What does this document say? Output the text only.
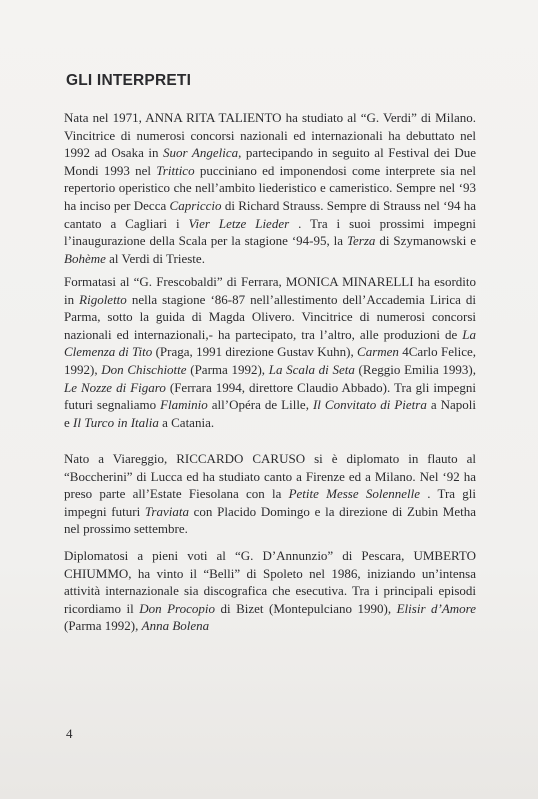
GLI INTERPRETI

Nata nel 1971, ANNA RITA TALIENTO ha studiato al “G. Verdi” di Milano. Vincitrice di numerosi concorsi nazionali ed internazionali ha debuttato nel 1992 ad Osaka in Suor Angelica, partecipando in seguito al Festival dei Due Mondi 1993 nel Trittico pucciniano ed imponendosi come interprete sia nel repertorio operistico che nell’ambito liederistico e cameristico. Sempre nel ‘93 ha inciso per Decca Capriccio di Richard Strauss. Sempre di Strauss nel ‘94 ha cantato a Cagliari i Vier Letze Lieder . Tra i suoi prossimi impegni l’inaugurazione della Scala per la stagione ‘94-95, la Terza di Szymanowski e Bohème al Verdi di Trieste.

Formatasi al “G. Frescobaldi” di Ferrara, MONICA MINARELLI ha esordito in Rigoletto nella stagione ‘86-87 nell’allestimento dell’Accademia Lirica di Parma, sotto la guida di Magda Olivero. Vincitrice di numerosi concorsi nazionali ed internazionali,- ha partecipato, tra l’altro, alle produzioni de La Clemenza di Tito (Praga, 1991 direzione Gustav Kuhn), Carmen 4Carlo Felice, 1992), Don Chischiotte (Parma 1992), La Scala di Seta (Reggio Emilia 1993), Le Nozze di Figaro (Ferrara 1994, direttore Claudio Abbado). Tra gli impegni futuri segnaliamo Flaminio all’Opéra de Lille, Il Convitato di Pietra a Napoli e Il Turco in Italia a Catania.

Nato a Viareggio, RICCARDO CARUSO si è diplomato in flauto al “Boccherini” di Lucca ed ha studiato canto a Firenze ed a Milano. Nel ‘92 ha preso parte all’Estate Fiesolana con la Petite Messe Solennelle . Tra gli impegni futuri Traviata con Placido Domingo e la direzione di Zubin Metha nel prossimo settembre.

Diplomatosi a pieni voti al “G. D’Annunzio” di Pescara, UMBERTO CHIUMMO, ha vinto il “Belli” di Spoleto nel 1986, iniziando un’intensa attività internazionale sia discografica che esecutiva. Tra i principali episodi ricordiamo il Don Procopio di Bizet (Montepulciano 1990), Elisir d’Amore (Parma 1992), Anna Bolena

4
